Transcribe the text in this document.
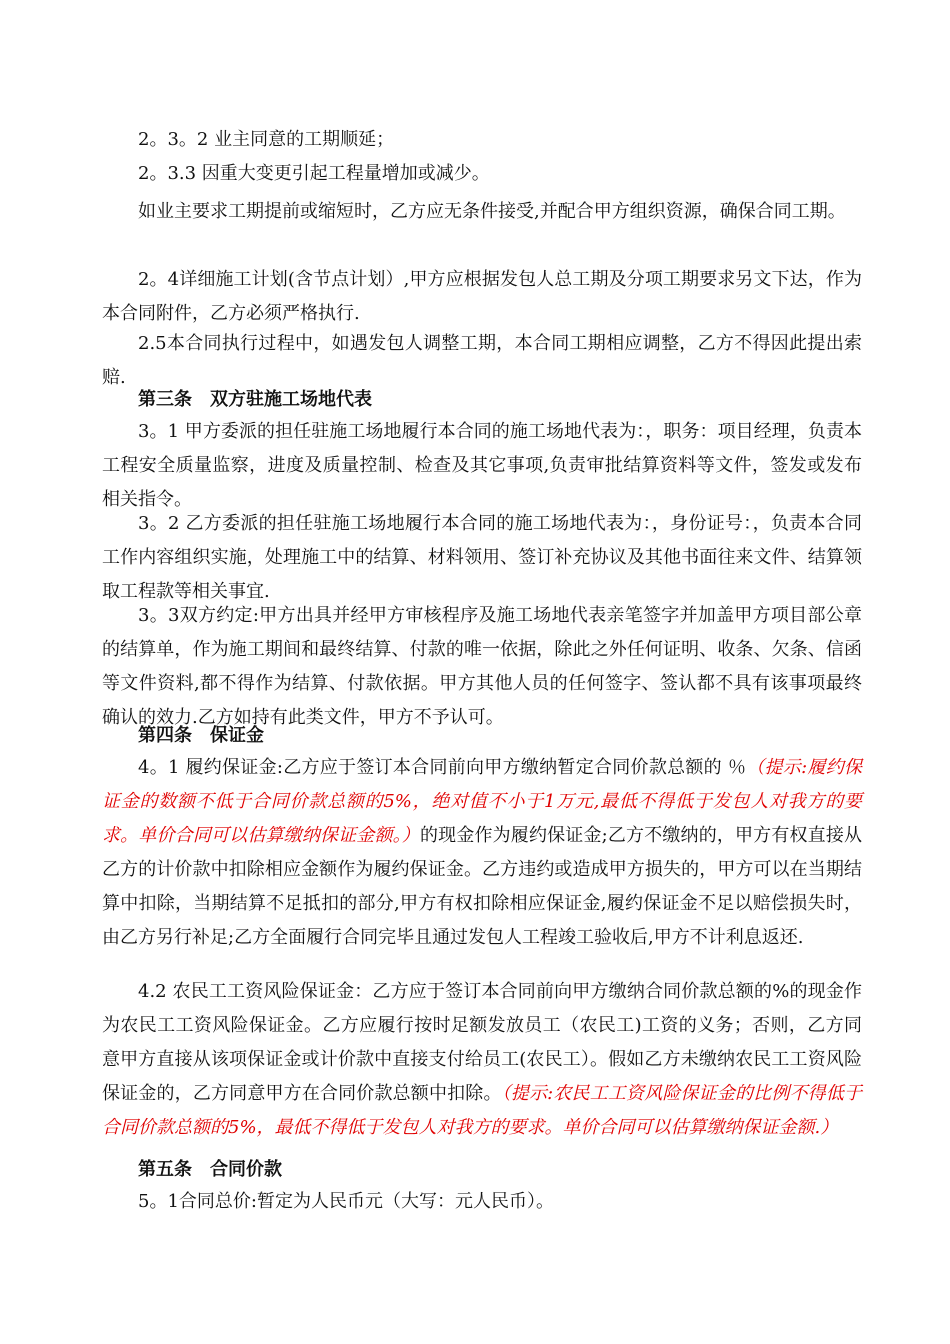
2。3。2 业主同意的工期顺延；

2。3.3 因重大变更引起工程量增加或减少。

如业主要求工期提前或缩短时，乙方应无条件接受,并配合甲方组织资源，确保合同工期。

2。4详细施工计划(含节点计划）,甲方应根据发包人总工期及分项工期要求另文下达，作为本合同附件，乙方必须严格执行.

2.5本合同执行过程中，如遇发包人调整工期，本合同工期相应调整，乙方不得因此提出索赔.

第三条　双方驻施工场地代表

3。1 甲方委派的担任驻施工场地履行本合同的施工场地代表为：，职务：项目经理，负责本工程安全质量监察，进度及质量控制、检查及其它事项,负责审批结算资料等文件，签发或发布相关指令。

3。2 乙方委派的担任驻施工场地履行本合同的施工场地代表为：，身份证号：，负责本合同工作内容组织实施，处理施工中的结算、材料领用、签订补充协议及其他书面往来文件、结算领取工程款等相关事宜.

3。3双方约定:甲方出具并经甲方审核程序及施工场地代表亲笔签字并加盖甲方项目部公章的结算单，作为施工期间和最终结算、付款的唯一依据，除此之外任何证明、收条、欠条、信函等文件资料,都不得作为结算、付款依据。甲方其他人员的任何签字、签认都不具有该事项最终确认的效力.乙方如持有此类文件，甲方不予认可。

第四条　保证金

4。1 履约保证金:乙方应于签订本合同前向甲方缴纳暂定合同价款总额的 ％（提示:履约保证金的数额不低于合同价款总额的5%，绝对值不小于1万元,最低不得低于发包人对我方的要求。单价合同可以估算缴纳保证金额。）的现金作为履约保证金;乙方不缴纳的，甲方有权直接从乙方的计价款中扣除相应金额作为履约保证金。乙方违约或造成甲方损失的，甲方可以在当期结算中扣除，当期结算不足抵扣的部分,甲方有权扣除相应保证金,履约保证金不足以赔偿损失时，由乙方另行补足;乙方全面履行合同完毕且通过发包人工程竣工验收后,甲方不计利息返还.

4.2 农民工工资风险保证金：乙方应于签订本合同前向甲方缴纳合同价款总额的%的现金作为农民工工资风险保证金。乙方应履行按时足额发放员工（农民工)工资的义务；否则，乙方同意甲方直接从该项保证金或计价款中直接支付给员工(农民工）。假如乙方未缴纳农民工工资风险保证金的，乙方同意甲方在合同价款总额中扣除。（提示:农民工工资风险保证金的比例不得低于合同价款总额的5%，最低不得低于发包人对我方的要求。单价合同可以估算缴纳保证金额.）

第五条　合同价款

5。1合同总价:暂定为人民币元（大写：元人民币）。
